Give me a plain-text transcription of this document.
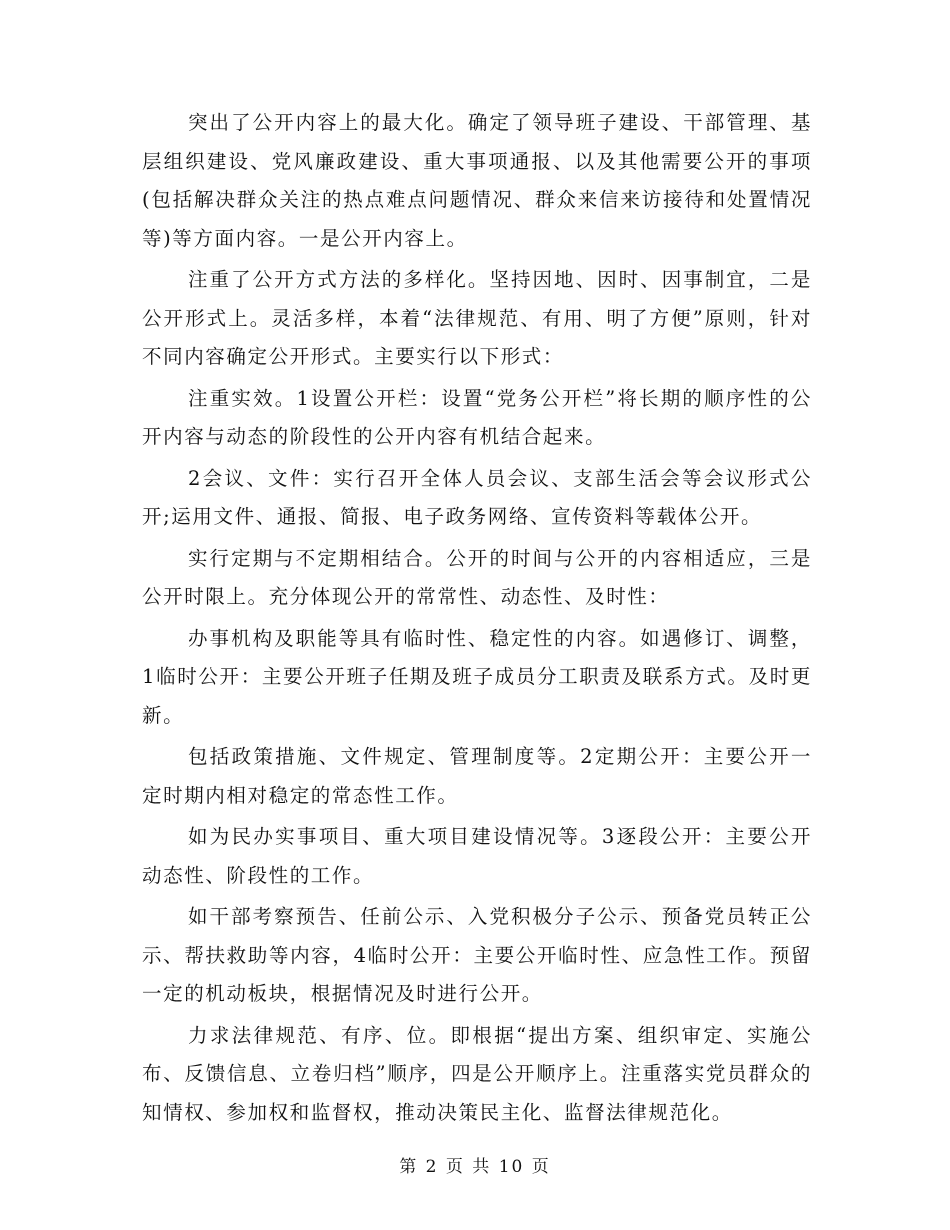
突出了公开内容上的最大化。确定了领导班子建设、干部管理、基层组织建设、党风廉政建设、重大事项通报、以及其他需要公开的事项(包括解决群众关注的热点难点问题情况、群众来信来访接待和处置情况等)等方面内容。一是公开内容上。

注重了公开方式方法的多样化。坚持因地、因时、因事制宜，二是公开形式上。灵活多样，本着“法律规范、有用、明了方便”原则，针对不同内容确定公开形式。主要实行以下形式：

注重实效。1设置公开栏：设置“党务公开栏”将长期的顺序性的公开内容与动态的阶段性的公开内容有机结合起来。

2会议、文件：实行召开全体人员会议、支部生活会等会议形式公开;运用文件、通报、简报、电子政务网络、宣传资料等载体公开。

实行定期与不定期相结合。公开的时间与公开的内容相适应，三是公开时限上。充分体现公开的常常性、动态性、及时性：

办事机构及职能等具有临时性、稳定性的内容。如遇修订、调整，1临时公开：主要公开班子任期及班子成员分工职责及联系方式。及时更新。

包括政策措施、文件规定、管理制度等。2定期公开：主要公开一定时期内相对稳定的常态性工作。

如为民办实事项目、重大项目建设情况等。3逐段公开：主要公开动态性、阶段性的工作。

如干部考察预告、任前公示、入党积极分子公示、预备党员转正公示、帮扶救助等内容，4临时公开：主要公开临时性、应急性工作。预留一定的机动板块，根据情况及时进行公开。

力求法律规范、有序、位。即根据“提出方案、组织审定、实施公布、反馈信息、立卷归档”顺序，四是公开顺序上。注重落实党员群众的知情权、参加权和监督权，推动决策民主化、监督法律规范化。

第 2 页 共 10 页
